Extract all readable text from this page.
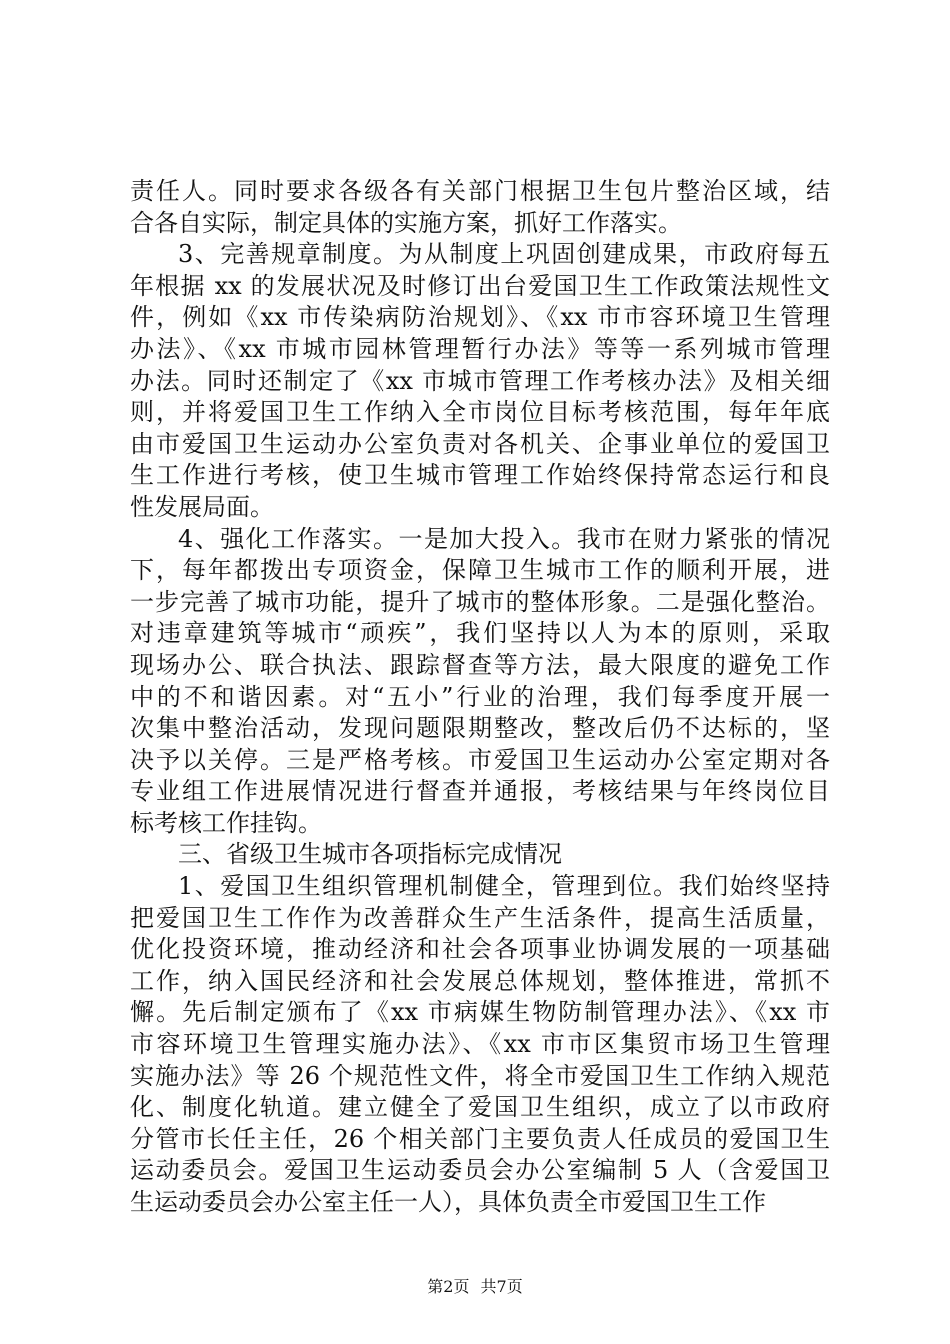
责任人。同时要求各级各有关部门根据卫生包片整治区域，结
合各自实际，制定具体的实施方案，抓好工作落实。
3、完善规章制度。为从制度上巩固创建成果，市政府每五
年根据 xx 的发展状况及时修订出台爱国卫生工作政策法规性文
件，例如《xx 市传染病防治规划》、《xx 市市容环境卫生管理
办法》、《xx 市城市园林管理暂行办法》等等一系列城市管理
办法。同时还制定了《xx 市城市管理工作考核办法》及相关细
则，并将爱国卫生工作纳入全市岗位目标考核范围，每年年底
由市爱国卫生运动办公室负责对各机关、企事业单位的爱国卫
生工作进行考核，使卫生城市管理工作始终保持常态运行和良
性发展局面。
4、强化工作落实。一是加大投入。我市在财力紧张的情况
下，每年都拨出专项资金，保障卫生城市工作的顺利开展，进
一步完善了城市功能，提升了城市的整体形象。二是强化整治。
对违章建筑等城市“顽疾”，我们坚持以人为本的原则，采取
现场办公、联合执法、跟踪督查等方法，最大限度的避免工作
中的不和谐因素。对“五小”行业的治理，我们每季度开展一
次集中整治活动，发现问题限期整改，整改后仍不达标的，坚
决予以关停。三是严格考核。市爱国卫生运动办公室定期对各
专业组工作进展情况进行督查并通报，考核结果与年终岗位目
标考核工作挂钩。
三、省级卫生城市各项指标完成情况
1、爱国卫生组织管理机制健全，管理到位。我们始终坚持
把爱国卫生工作作为改善群众生产生活条件，提高生活质量，
优化投资环境，推动经济和社会各项事业协调发展的一项基础
工作，纳入国民经济和社会发展总体规划，整体推进，常抓不
懈。先后制定颁布了《xx 市病媒生物防制管理办法》、《xx 市
市容环境卫生管理实施办法》、《xx 市市区集贸市场卫生管理
实施办法》等 26 个规范性文件，将全市爱国卫生工作纳入规范
化、制度化轨道。建立健全了爱国卫生组织，成立了以市政府
分管市长任主任，26 个相关部门主要负责人任成员的爱国卫生
运动委员会。爱国卫生运动委员会办公室编制 5 人（含爱国卫
生运动委员会办公室主任一人），具体负责全市爱国卫生工作
第2页 共7页
